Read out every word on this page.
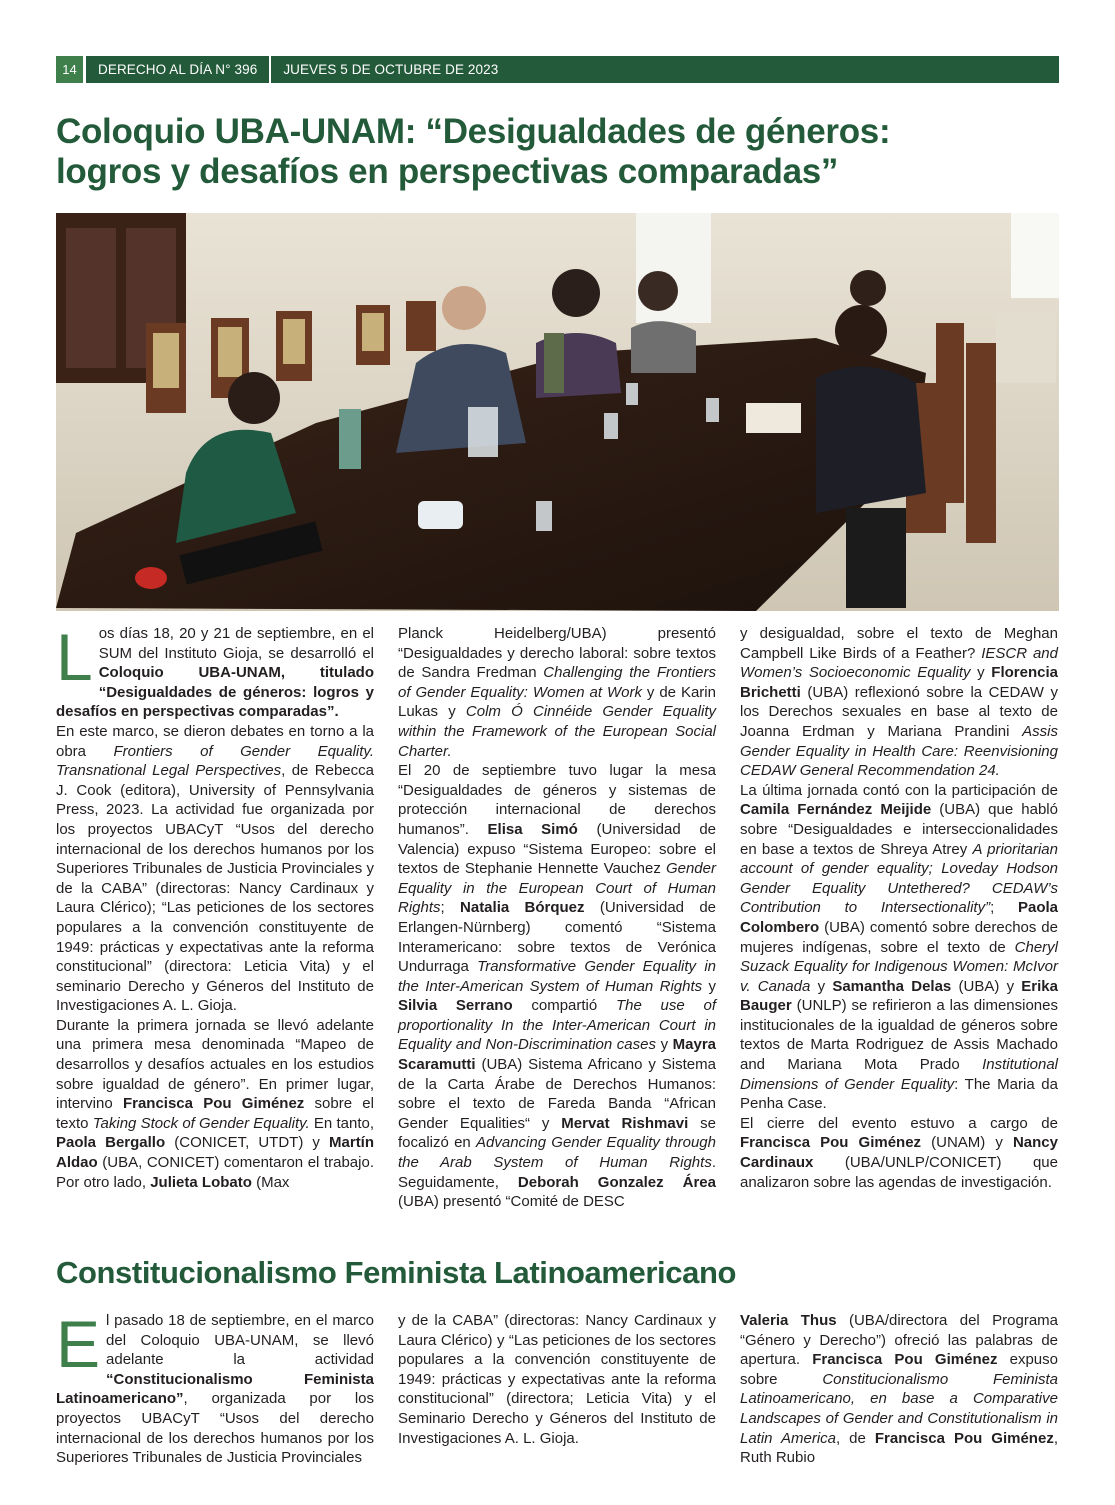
14	DERECHO AL DÍA N° 396	JUEVES 5 DE OCTUBRE DE 2023
Coloquio UBA-UNAM: “Desigualdades de géneros:
logros y desafíos en perspectivas comparadas”

Los días 18, 20 y 21 de septiembre, en el SUM del Instituto Gioja, se desarrolló el Coloquio UBA-UNAM, titulado “Desigualdades de géneros: logros y desafíos en perspectivas comparadas”.

En este marco, se dieron debates en torno a la obra Frontiers of Gender Equality. Transnational Legal Perspectives, de Rebecca J. Cook (editora), University of Pennsylvania Press, 2023. La actividad fue organizada por los proyectos UBACyT “Usos del derecho internacional de los derechos humanos por los Superiores Tribunales de Justicia Provinciales y de la CABA” (directoras: Nancy Cardinaux y Laura Clérico); “Las peticiones de los sectores populares a la convención constituyente de 1949: prácticas y expectativas ante la reforma constitucional” (directora: Leticia Vita) y el seminario Derecho y Géneros del Instituto de Investigaciones A. L. Gioja.

Durante la primera jornada se llevó adelante una primera mesa denominada “Mapeo de desarrollos y desafíos actuales en los estudios sobre igualdad de género”. En primer lugar, intervino Francisca Pou Giménez sobre el texto Taking Stock of Gender Equality. En tanto, Paola Bergallo (CONICET, UTDT) y Martín Aldao (UBA, CONICET) comentaron el trabajo. Por otro lado, Julieta Lobato (Max

Planck Heidelberg/UBA) presentó “Desigualdades y derecho laboral: sobre textos de Sandra Fredman Challenging the Frontiers of Gender Equality: Women at Work y de Karin Lukas y Colm Ó Cinnéide Gender Equality within the Framework of the European Social Charter.

El 20 de septiembre tuvo lugar la mesa “Desigualdades de géneros y sistemas de protección internacional de derechos humanos”. Elisa Simó (Universidad de Valencia) expuso “Sistema Europeo: sobre el textos de Stephanie Hennette Vauchez Gender Equality in the European Court of Human Rights; Natalia Bórquez (Universidad de Erlangen-Nürnberg) comentó “Sistema Interamericano: sobre textos de Verónica Undurraga Transformative Gender Equality in the Inter-American System of Human Rights y Silvia Serrano compartió The use of proportionality In the Inter-American Court in Equality and Non-Discrimination cases y Mayra Scaramutti (UBA) Sistema Africano y Sistema de la Carta Árabe de Derechos Humanos: sobre el texto de Fareda Banda “African Gender Equalities“ y Mervat Rishmavi se focalizó en Advancing Gender Equality through the Arab System of Human Rights. Seguidamente, Deborah Gonzalez Área (UBA) presentó “Comité de DESC

y desigualdad, sobre el texto de Meghan Campbell Like Birds of a Feather? IESCR and Women’s Socioeconomic Equality y Florencia Brichetti (UBA) reflexionó sobre la CEDAW y los Derechos sexuales en base al texto de Joanna Erdman y Mariana Prandini Assis Gender Equality in Health Care: Reenvisioning CEDAW General Recommendation 24.

La última jornada contó con la participación de Camila Fernández Meijide (UBA) que habló sobre “Desigualdades e interseccionalidades en base a textos de Shreya Atrey A prioritarian account of gender equality; Loveday Hodson Gender Equality Untethered? CEDAW’s Contribution to Intersectionality”; Paola Colombero (UBA) comentó sobre derechos de mujeres indígenas, sobre el texto de Cheryl Suzack Equality for Indigenous Women: McIvor v. Canada y Samantha Delas (UBA) y Erika Bauger (UNLP) se refirieron a las dimensiones institucionales de la igualdad de géneros sobre textos de Marta Rodriguez de Assis Machado and Mariana Mota Prado Institutional Dimensions of Gender Equality: The Maria da Penha Case.

El cierre del evento estuvo a cargo de Francisca Pou Giménez (UNAM) y Nancy Cardinaux (UBA/UNLP/CONICET) que analizaron sobre las agendas de investigación.

Constitucionalismo Feminista Latinoamericano

El pasado 18 de septiembre, en el marco del Coloquio UBA-UNAM, se llevó adelante la actividad “Constitucionalismo Feminista Latinoamericano”, organizada por los proyectos UBACyT “Usos del derecho internacional de los derechos humanos por los Superiores Tribunales de Justicia Provinciales

y de la CABA” (directoras: Nancy Cardinaux y Laura Clérico) y “Las peticiones de los sectores populares a la convención constituyente de 1949: prácticas y expectativas ante la reforma constitucional” (directora; Leticia Vita) y el Seminario Derecho y Géneros del Instituto de Investigaciones A. L. Gioja.

Valeria Thus (UBA/directora del Programa “Género y Derecho”) ofreció las palabras de apertura. Francisca Pou Giménez expuso sobre Constitucionalismo Feminista Latinoamericano, en base a Comparative Landscapes of Gender and Constitutionalism in Latin America, de Francisca Pou Giménez, Ruth Rubio
